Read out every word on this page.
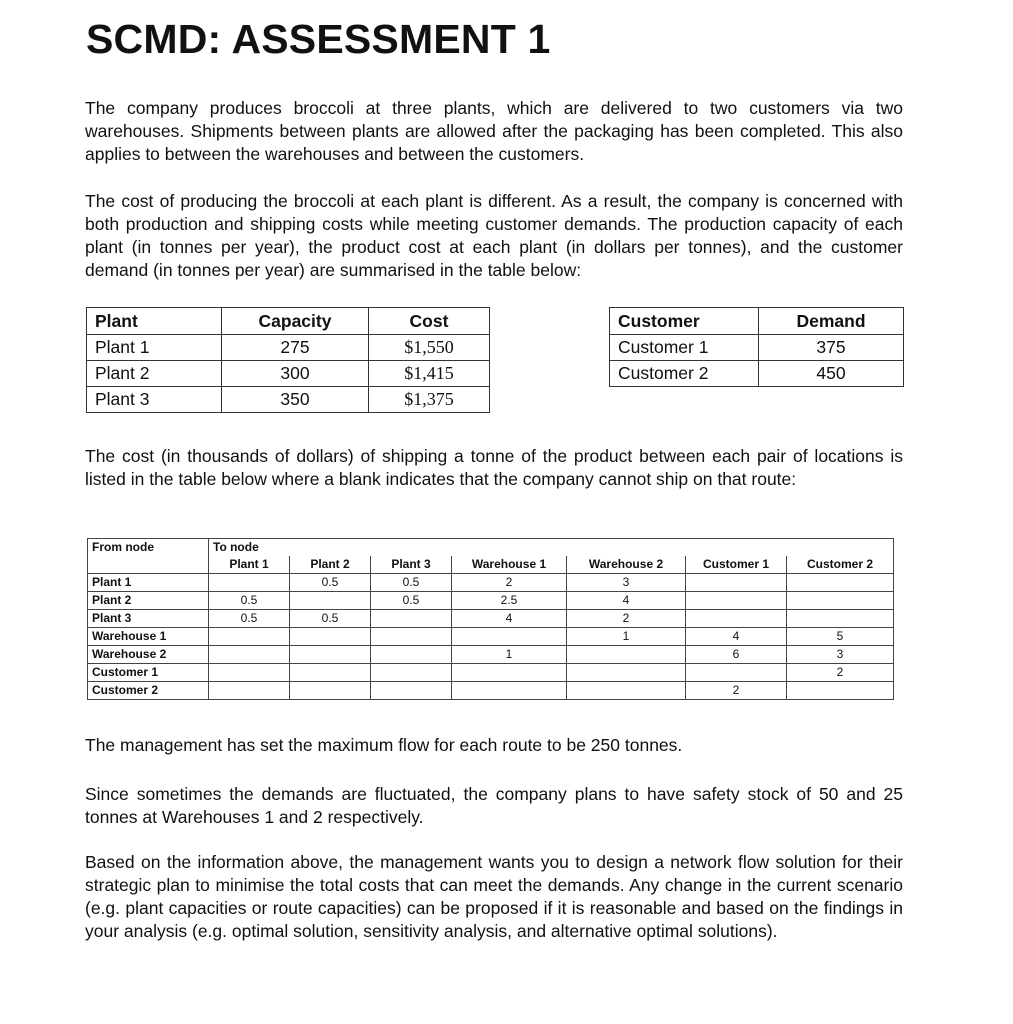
SCMD: ASSESSMENT 1

The company produces broccoli at three plants, which are delivered to two customers via two warehouses. Shipments between plants are allowed after the packaging has been completed. This also applies to between the warehouses and between the customers.

The cost of producing the broccoli at each plant is different. As a result, the company is concerned with both production and shipping costs while meeting customer demands. The production capacity of each plant (in tonnes per year), the product cost at each plant (in dollars per tonnes), and the customer demand (in tonnes per year) are summarised in the table below:

Plant	Capacity	Cost
Plant 1	275	$1,550
Plant 2	300	$1,415
Plant 3	350	$1,375
Customer	Demand
Customer 1	375
Customer 2	450

The cost (in thousands of dollars) of shipping a tonne of the product between each pair of locations is listed in the table below where a blank indicates that the company cannot ship on that route:

From node	To node						
	Plant 1	Plant 2	Plant 3	Warehouse 1	Warehouse 2	Customer 1	Customer 2
Plant 1		0.5	0.5	2	3		
Plant 2	0.5		0.5	2.5	4		
Plant 3	0.5	0.5		4	2		
Warehouse 1					1	4	5
Warehouse 2				1		6	3
Customer 1							2
Customer 2						2	

The management has set the maximum flow for each route to be 250 tonnes.

Since sometimes the demands are fluctuated, the company plans to have safety stock of 50 and 25 tonnes at Warehouses 1 and 2 respectively.

Based on the information above, the management wants you to design a network flow solution for their strategic plan to minimise the total costs that can meet the demands. Any change in the current scenario (e.g. plant capacities or route capacities) can be proposed if it is reasonable and based on the findings in your analysis (e.g. optimal solution, sensitivity analysis, and alternative optimal solutions).
